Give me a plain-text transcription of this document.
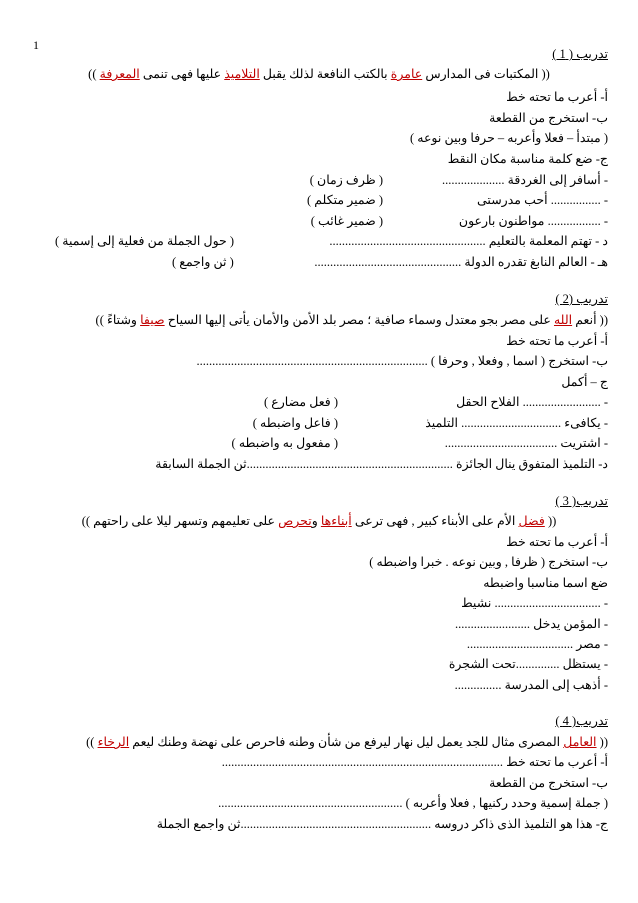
1
تدريب ( 1 )
(( المكتبات فى المدارس عامرة بالكتب النافعة لذلك يقبل التلاميذ عليها فهى تنمى المعرفة ))
أ- أعرب ما تحته خط
ب- استخرج من القطعة
( مبتدأ – فعلا وأعربه – حرفا وبين نوعه )
ج- ضع كلمة مناسبة مكان النقط
- أسافر إلى الغردقة ....................
( ظرف زمان )
- ................ أحب مدرستى
( ضمير متكلم )
- ................. مواطنون بارعون
( ضمير غائب )
د - تهتم المعلمة بالتعليم ..................................................
( حول الجملة من فعلية إلى إسمية )
هـ - العالم النابغ تقدره الدولة ...............................................
( ثن واجمع )
تدريب (2 )
(( أنعم الله على مصر بجو معتدل وسماء صافية ؛ مصر بلد الأمن والأمان يأتى إليها السياح صيفا وشتاءً ))
أ- أعرب ما تحته خط
ب- استخرج ( اسما , وفعلا , وحرفا ) ..........................................................................
ج – أكمل
- ......................... الفلاح الحقل
( فعل مضارع )
- يكافىء ................................ التلميذ
( فاعل واضبطه )
- اشتريت ....................................
( مفعول به واضبطه )
د- التلميذ المتفوق ينال الجائزة ..................................................................ثن الجملة السابقة
تدريب( 3 )
(( فضل الأم على الأبناء كبير , فهى ترعى أبناءها وتحرص على تعليمهم وتسهر ليلا على راحتهم ))
أ- أعرب ما تحته خط
ب- استخرج ( ظرفا , وبين نوعه . خبرا واضبطه )
ضع اسما مناسبا واضبطه
- .................................. نشيط
- المؤمن يدخل ........................
- مصر ..................................
- يستظل ..............تحت الشجرة
- أذهب إلى المدرسة ...............
تدريب( 4 )
(( العامل المصرى مثال للجد يعمل ليل نهار ليرفع من شأن وطنه فاحرص على نهضة وطنك ليعم الرخاء ))
أ- أعرب ما تحته خط ..........................................................................................
ب- استخرج من القطعة
( جملة إسمية وحدد ركنيها , فعلا وأعربه ) ...........................................................
ج- هذا هو التلميذ الذى ذاكر دروسه .............................................................ثن واجمع الجملة
